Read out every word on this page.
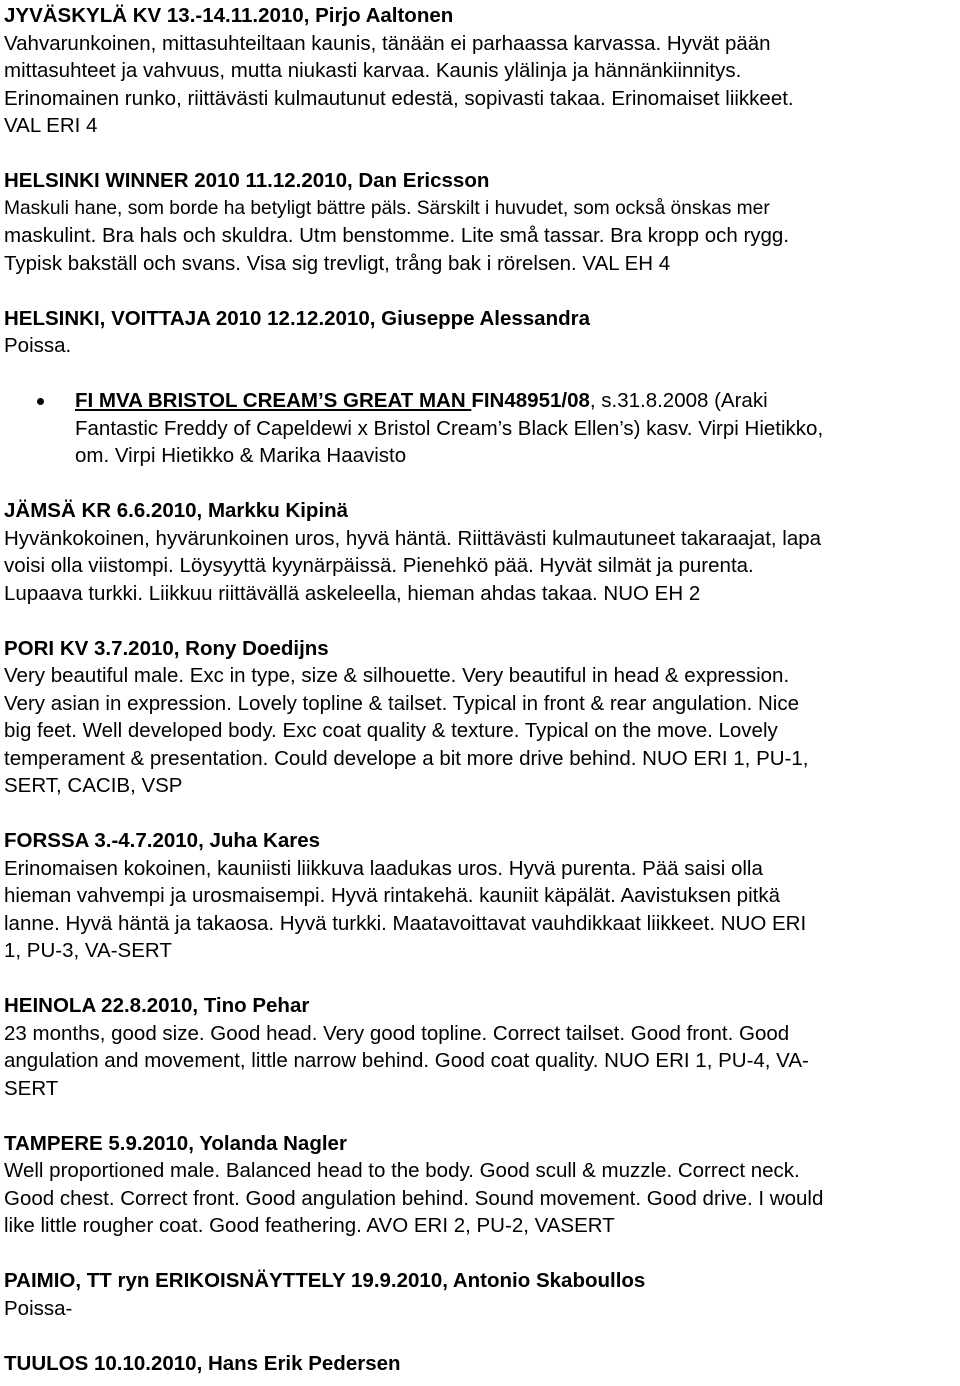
JYVÄSKYLÄ KV 13.-14.11.2010, Pirjo Aaltonen

Vahvarunkoinen, mittasuhteiltaan kaunis, tänään ei parhaassa karvassa. Hyvät pään

mittasuhteet ja vahvuus, mutta niukasti karvaa. Kaunis ylälinja ja hännänkiinnitys.

Erinomainen runko, riittävästi kulmautunut edestä, sopivasti takaa. Erinomaiset liikkeet.

VAL ERI 4

HELSINKI WINNER 2010 11.12.2010, Dan Ericsson

Maskuli hane, som borde ha betyligt bättre päls. Särskilt i huvudet, som också önskas mer

maskulint. Bra hals och skuldra. Utm benstomme. Lite små tassar. Bra kropp och rygg.

Typisk bakställ och svans. Visa sig trevligt, trång bak i rörelsen. VAL EH 4

HELSINKI, VOITTAJA 2010 12.12.2010, Giuseppe Alessandra

Poissa.

FI MVA BRISTOL CREAM’S GREAT MAN FIN48951/08, s.31.8.2008 (Araki

Fantastic Freddy of Capeldewi x Bristol Cream’s Black Ellen’s) kasv. Virpi Hietikko,

om. Virpi Hietikko & Marika Haavisto

JÄMSÄ KR 6.6.2010, Markku Kipinä

Hyvänkokoinen, hyvärunkoinen uros, hyvä häntä. Riittävästi kulmautuneet takaraajat, lapa

voisi olla viistompi. Löysyyttä kyynärpäissä. Pienehkö pää. Hyvät silmät ja purenta.

Lupaava turkki. Liikkuu riittävällä askeleella, hieman ahdas takaa. NUO EH 2

PORI KV 3.7.2010, Rony Doedijns

Very beautiful male. Exc in type, size & silhouette. Very beautiful in head & expression.

Very asian in expression. Lovely topline & tailset. Typical in front & rear angulation. Nice

big feet. Well developed body. Exc coat quality & texture. Typical on the move. Lovely

temperament & presentation. Could develope a bit more drive behind. NUO ERI 1, PU-1,

SERT, CACIB, VSP

FORSSA 3.-4.7.2010, Juha Kares

Erinomaisen kokoinen, kauniisti liikkuva laadukas uros. Hyvä purenta. Pää saisi olla

hieman vahvempi ja urosmaisempi. Hyvä rintakehä. kauniit käpälät. Aavistuksen pitkä

lanne. Hyvä häntä ja takaosa. Hyvä turkki. Maatavoittavat vauhdikkaat liikkeet. NUO ERI

1, PU-3, VA-SERT

HEINOLA 22.8.2010, Tino Pehar

23 months, good size. Good head. Very good topline. Correct tailset. Good front. Good

angulation and movement, little narrow behind. Good coat quality. NUO ERI 1, PU-4, VA-

SERT

TAMPERE 5.9.2010, Yolanda Nagler

Well proportioned male. Balanced head to the body. Good scull & muzzle. Correct neck.

Good chest. Correct front. Good angulation behind. Sound movement. Good drive. I would

like little rougher coat. Good feathering. AVO ERI 2, PU-2, VASERT

PAIMIO, TT ryn ERIKOISNÄYTTELY 19.9.2010, Antonio Skaboullos

Poissa-

TUULOS 10.10.2010, Hans Erik Pedersen
